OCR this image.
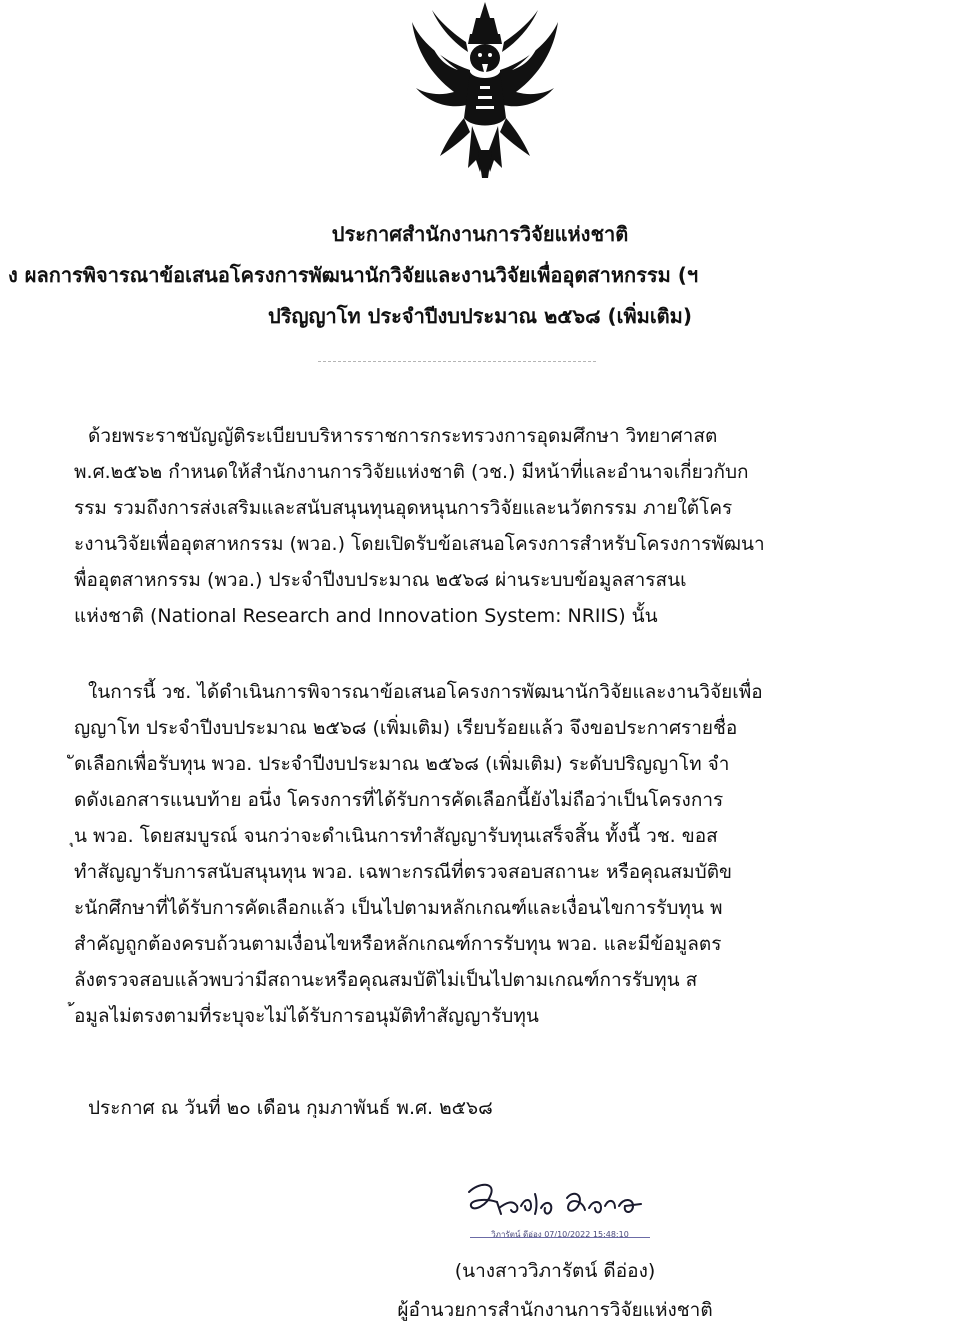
ประกาศสำนักงานการวิจัยแห่งชาติ
ง ผลการพิจารณาข้อเสนอโครงการพัฒนานักวิจัยและงานวิจัยเพื่ออุตสาหกรรม (ฯ
ปริญญาโท ประจำปีงบประมาณ ๒๕๖๘ (เพิ่มเติม)
ด้วยพระราชบัญญัติระเบียบบริหารราชการกระทรวงการอุดมศึกษา วิทยาศาสต
พ.ศ.๒๕๖๒ กำหนดให้สำนักงานการวิจัยแห่งชาติ (วช.) มีหน้าที่และอำนาจเกี่ยวกับก
รรม รวมถึงการส่งเสริมและสนับสนุนทุนอุดหนุนการวิจัยและนวัตกรรม ภายใต้โคร
ะงานวิจัยเพื่ออุตสาหกรรม (พวอ.) โดยเปิดรับข้อเสนอโครงการสำหรับโครงการพัฒนา
พื่ออุตสาหกรรม (พวอ.) ประจำปีงบประมาณ ๒๕๖๘ ผ่านระบบข้อมูลสารสนเ
แห่งชาติ (National Research and Innovation System: NRIIS) นั้น
ในการนี้ วช. ได้ดำเนินการพิจารณาข้อเสนอโครงการพัฒนานักวิจัยและงานวิจัยเพื่อ
ญญาโท ประจำปีงบประมาณ ๒๕๖๘ (เพิ่มเติม) เรียบร้อยแล้ว จึงขอประกาศรายชื่อ
ัดเลือกเพื่อรับทุน พวอ. ประจำปีงบประมาณ ๒๕๖๘ (เพิ่มเติม) ระดับปริญญาโท จำ
ดดังเอกสารแนบท้าย อนึ่ง โครงการที่ได้รับการคัดเลือกนี้ยังไม่ถือว่าเป็นโครงการ
ุน พวอ. โดยสมบูรณ์ จนกว่าจะดำเนินการทำสัญญารับทุนเสร็จสิ้น ทั้งนี้ วช. ขอส
ทำสัญญารับการสนับสนุนทุน พวอ. เฉพาะกรณีที่ตรวจสอบสถานะ หรือคุณสมบัติข
ะนักศึกษาที่ได้รับการคัดเลือกแล้ว เป็นไปตามหลักเกณฑ์และเงื่อนไขการรับทุน พ
สำคัญถูกต้องครบถ้วนตามเงื่อนไขหรือหลักเกณฑ์การรับทุน พวอ. และมีข้อมูลตร
ลังตรวจสอบแล้วพบว่ามีสถานะหรือคุณสมบัติไม่เป็นไปตามเกณฑ์การรับทุน ส
้อมูลไม่ตรงตามที่ระบุจะไม่ได้รับการอนุมัติทำสัญญารับทุน
ประกาศ ณ วันที่ ๒๐ เดือน กุมภาพันธ์ พ.ศ. ๒๕๖๘
วิภารัตน์ ดีอ่อง 07/10/2022 15:48:10
(นางสาววิภารัตน์ ดีอ่อง)
ผู้อำนวยการสำนักงานการวิจัยแห่งชาติ
